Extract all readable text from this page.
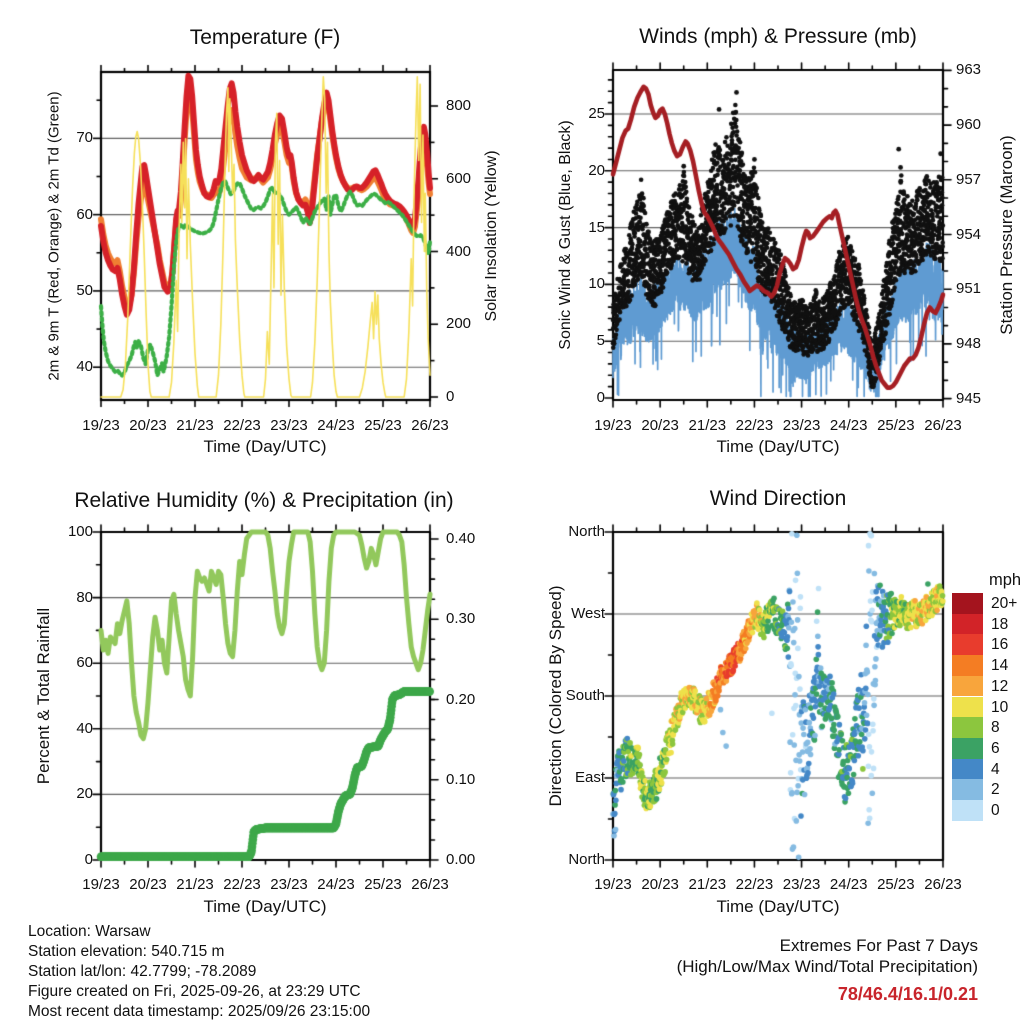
Temperature (F)	Winds (mph) & Pressure (mb)
Relative Humidity (%) & Precipitation (in)	Wind Direction
Time (Day/UTC)	Time (Day/UTC)
Time (Day/UTC)	Time (Day/UTC)
2m & 9m T (Red, Orange) & 2m Td (Green)	Solar Insolation (Yellow)	Sonic Wind & Gust (Blue, Black)	Station Pressure (Maroon)
Percent & Total Rainfall	Direction (Colored By Speed)
mph
Location: Warsaw
Station elevation: 540.715 m
Station lat/lon: 42.7799; -78.2089
Figure created on Fri, 2025-09-26, at 23:29 UTC
Most recent data timestamp: 2025/09/26 23:15:00
Extremes For Past 7 Days
(High/Low/Max Wind/Total Precipitation)
78/46.4/16.1/0.21
19/23 20/23 21/23 22/23 23/23 24/23 25/23 26/23
40
50
60
70
0
200
400
600
800
19/23 20/23 21/23 22/23 23/23 24/23 25/23 26/23
0
5
10
15
20
25
945
948
951
954
957
960
963
19/23 20/23 21/23 22/23 23/23 24/23 25/23 26/23
0
20
40
60
80
100
0.00
0.10
0.20
0.30
0.40
19/23 20/23 21/23 22/23 23/23 24/23 25/23 26/23
North
West
South
East
North
20+
18
16
14
12
10
8
6
4
2
0
